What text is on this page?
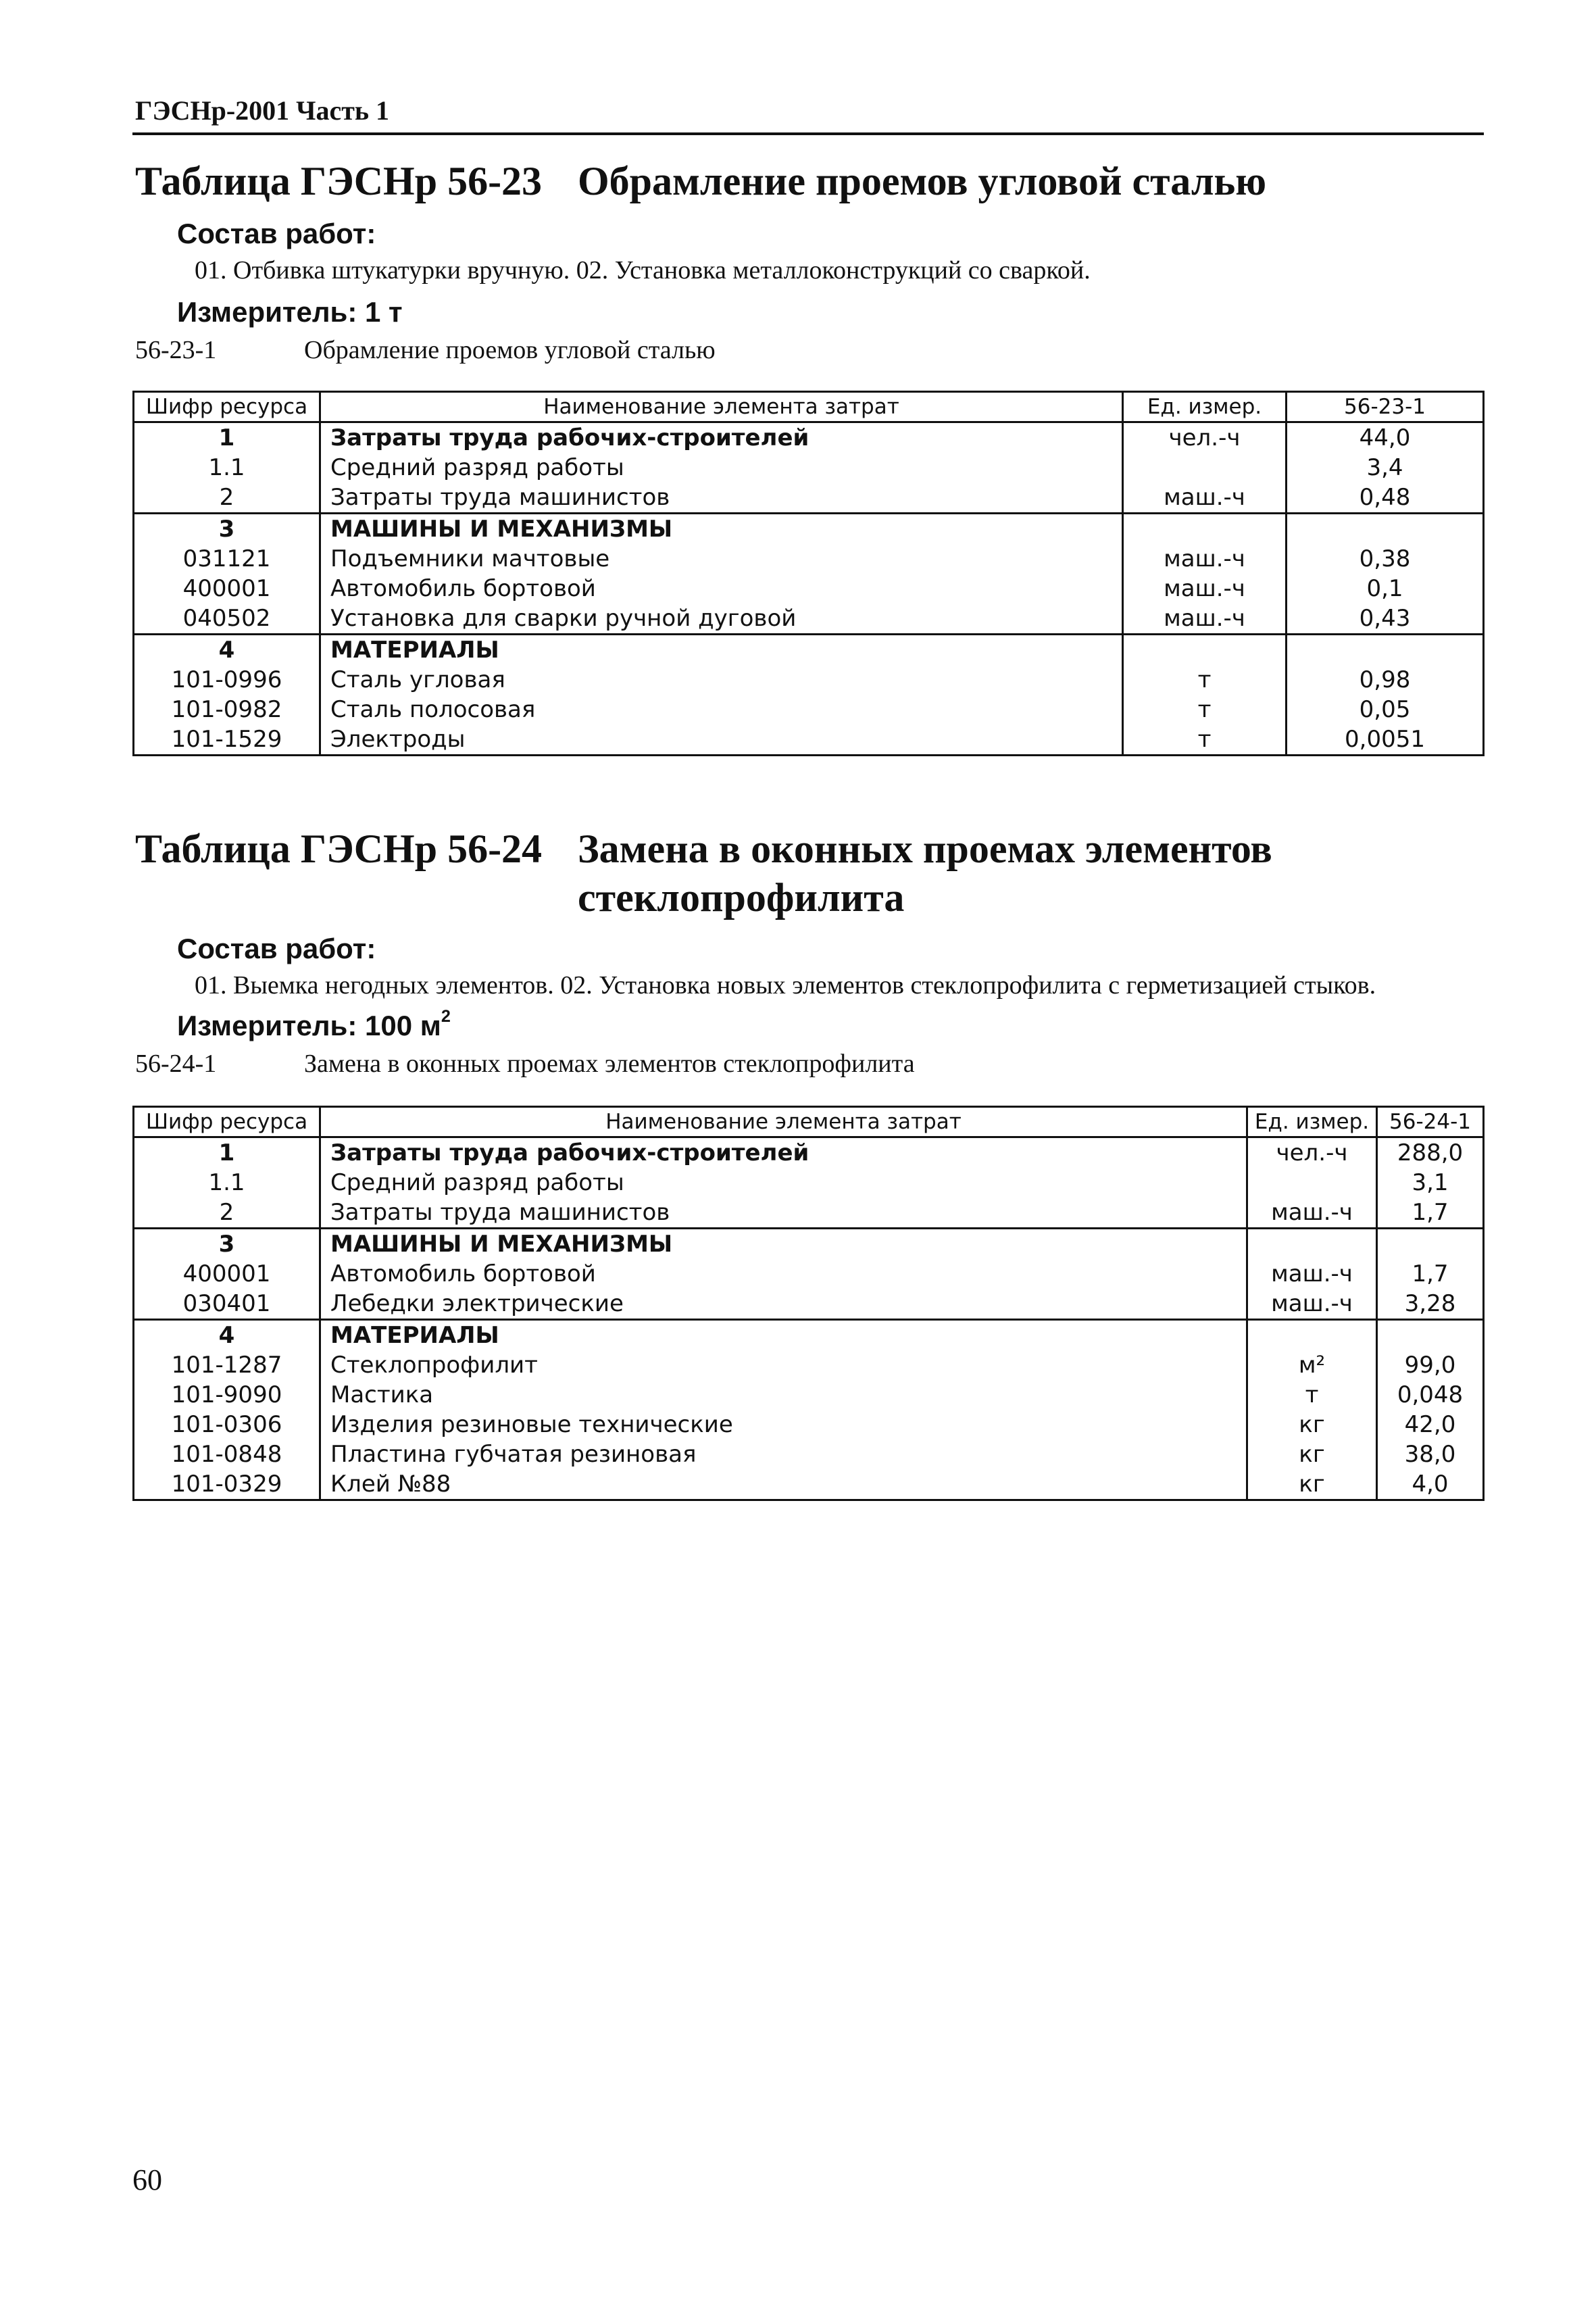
ГЭСНр-2001 Часть 1
Таблица ГЭСНр 56-23 Обрамление проемов угловой сталью
Состав работ:
01. Отбивка штукатурки вручную. 02. Установка металлоконструкций со сваркой.
Измеритель: 1 т
56-23-1	Обрамление проемов угловой сталью
Шифр ресурса	Наименование элемента затрат	Ед. измер.	56-23-1
1	Затраты труда рабочих-строителей	чел.-ч	44,0
1.1	Средний разряд работы		3,4
2	Затраты труда машинистов	маш.-ч	0,48
3	МАШИНЫ И МЕХАНИЗМЫ		
031121	Подъемники мачтовые	маш.-ч	0,38
400001	Автомобиль бортовой	маш.-ч	0,1
040502	Установка для сварки ручной дуговой	маш.-ч	0,43
4	МАТЕРИАЛЫ		
101-0996	Сталь угловая	т	0,98
101-0982	Сталь полосовая	т	0,05
101-1529	Электроды	т	0,0051
Таблица ГЭСНр 56-24 Замена в оконных проемах элементов
стеклопрофилита
Состав работ:
01. Выемка негодных элементов. 02. Установка новых элементов стеклопрофилита с герметизацией стыков.
Измеритель: 100 $м^2$
56-24-1	Замена в оконных проемах элементов стеклопрофилита
Шифр ресурса	Наименование элемента затрат	Ед. измер.	56-24-1
1	Затраты труда рабочих-строителей	чел.-ч	288,0
1.1	Средний разряд работы		3,1
2	Затраты труда машинистов	маш.-ч	1,7
3	МАШИНЫ И МЕХАНИЗМЫ		
400001	Автомобиль бортовой	маш.-ч	1,7
030401	Лебедки электрические	маш.-ч	3,28
4	МАТЕРИАЛЫ		
101-1287	Стеклопрофилит	м²	99,0
101-9090	Мастика	т	0,048
101-0306	Изделия резиновые технические	кг	42,0
101-0848	Пластина губчатая резиновая	кг	38,0
101-0329	Клей №88	кг	4,0
60
